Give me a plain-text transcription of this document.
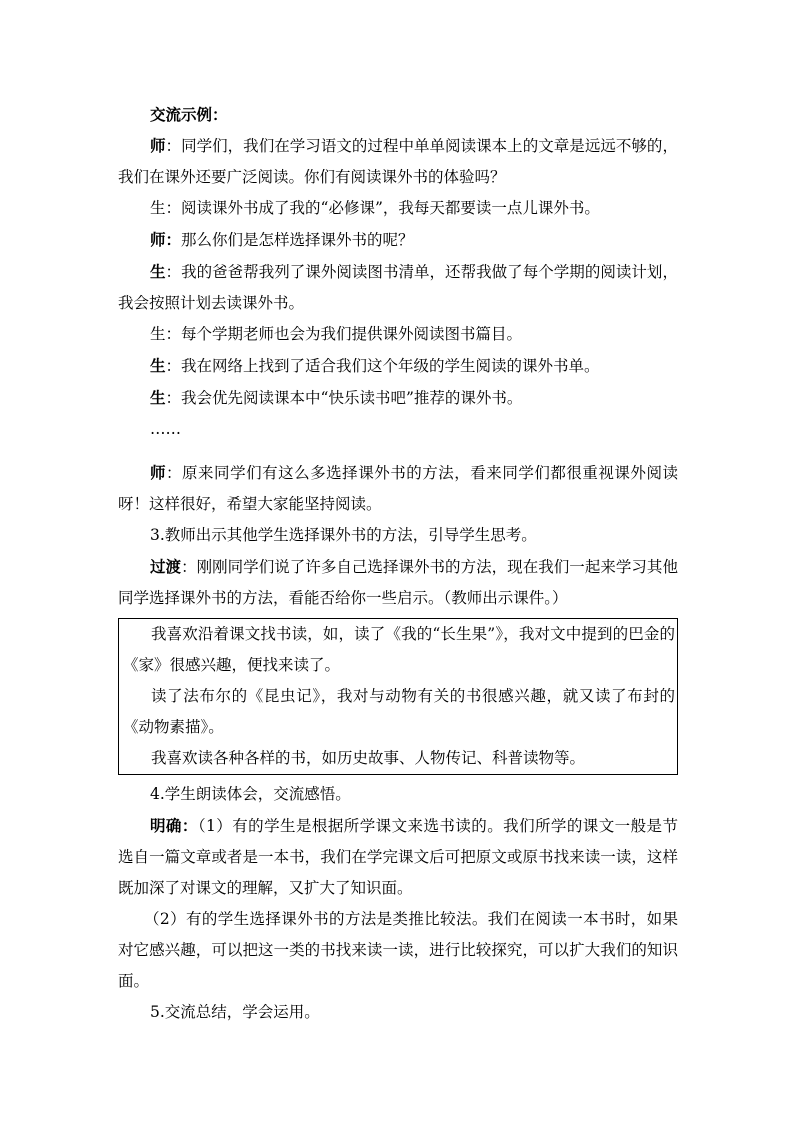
交流示例：

师：同学们，我们在学习语文的过程中单单阅读课本上的文章是远远不够的，我们在课外还要广泛阅读。你们有阅读课外书的体验吗？

生：阅读课外书成了我的“必修课”，我每天都要读一点儿课外书。

师：那么你们是怎样选择课外书的呢？

生：我的爸爸帮我列了课外阅读图书清单，还帮我做了每个学期的阅读计划，我会按照计划去读课外书。

生：每个学期老师也会为我们提供课外阅读图书篇目。

生：我在网络上找到了适合我们这个年级的学生阅读的课外书单。

生：我会优先阅读课本中“快乐读书吧”推荐的课外书。

……

师：原来同学们有这么多选择课外书的方法，看来同学们都很重视课外阅读呀！这样很好，希望大家能坚持阅读。

3.教师出示其他学生选择课外书的方法，引导学生思考。

过渡：刚刚同学们说了许多自己选择课外书的方法，现在我们一起来学习其他同学选择课外书的方法，看能否给你一些启示。（教师出示课件。）

我喜欢沿着课文找书读，如，读了《我的“长生果”》，我对文中提到的巴金的《家》很感兴趣，便找来读了。

读了法布尔的《昆虫记》，我对与动物有关的书很感兴趣，就又读了布封的《动物素描》。

我喜欢读各种各样的书，如历史故事、人物传记、科普读物等。

4.学生朗读体会，交流感悟。

明确：（1）有的学生是根据所学课文来选书读的。我们所学的课文一般是节选自一篇文章或者是一本书，我们在学完课文后可把原文或原书找来读一读，这样既加深了对课文的理解，又扩大了知识面。

（2）有的学生选择课外书的方法是类推比较法。我们在阅读一本书时，如果对它感兴趣，可以把这一类的书找来读一读，进行比较探究，可以扩大我们的知识面。

5.交流总结，学会运用。
